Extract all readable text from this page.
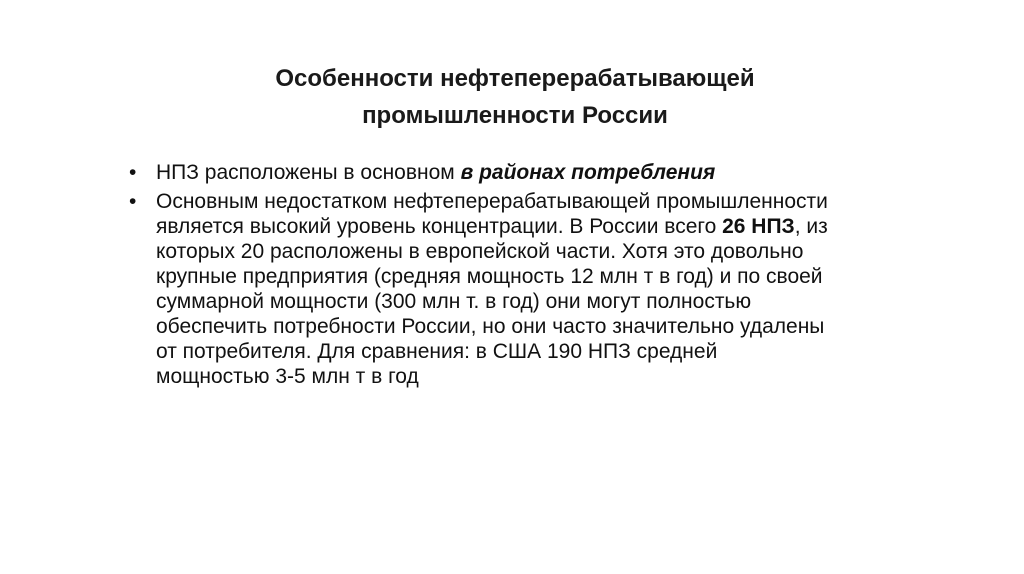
Особенности нефтеперерабатывающей
промышленности России
• НПЗ расположены в основном в районах потребления
• Основным недостатком нефтеперерабатывающей промышленности является высокий уровень концентрации. В России всего 26 НПЗ, из которых 20 расположены в европейской части. Хотя это довольно крупные предприятия (средняя мощность 12 млн т в год) и по своей суммарной мощности (300 млн т. в год) они могут полностью обеспечить потребности России, но они часто значительно удалены от потребителя. Для сравнения: в США 190 НПЗ средней мощностью 3-5 млн т в год
